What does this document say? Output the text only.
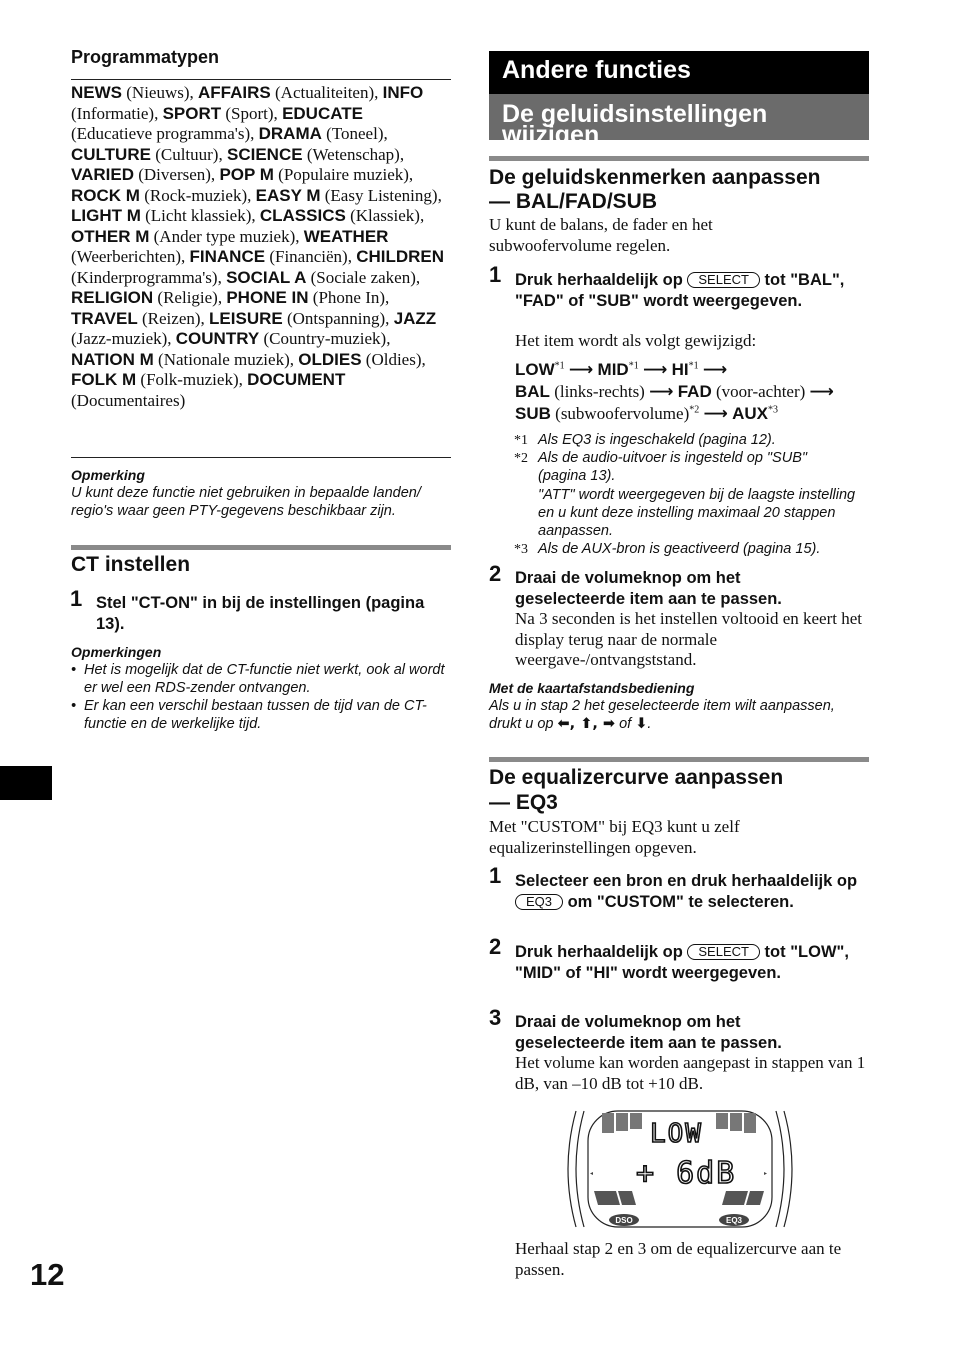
Programmatypen
NEWS (Nieuws), AFFAIRS (Actualiteiten), INFO (Informatie), SPORT (Sport), EDUCATE (Educatieve programma's), DRAMA (Toneel), CULTURE (Cultuur), SCIENCE (Wetenschap), VARIED (Diversen), POP M (Populaire muziek), ROCK M (Rock-muziek), EASY M (Easy Listening), LIGHT M (Licht klassiek), CLASSICS (Klassiek), OTHER M (Ander type muziek), WEATHER (Weerberichten), FINANCE (Financiën), CHILDREN (Kinderprogramma's), SOCIAL A (Sociale zaken), RELIGION (Religie), PHONE IN (Phone In), TRAVEL (Reizen), LEISURE (Ontspanning), JAZZ (Jazz-muziek), COUNTRY (Country-muziek), NATION M (Nationale muziek), OLDIES (Oldies), FOLK M (Folk-muziek), DOCUMENT (Documentaires)
Opmerking
U kunt deze functie niet gebruiken in bepaalde landen/ regio's waar geen PTY-gegevens beschikbaar zijn.
CT instellen
1 Stel "CT-ON" in bij de instellingen (pagina 13).
Opmerkingen
• Het is mogelijk dat de CT-functie niet werkt, ook al wordt er wel een RDS-zender ontvangen.
• Er kan een verschil bestaan tussen de tijd van de CT-functie en de werkelijke tijd.
12
Andere functies
De geluidsinstellingen wijzigen
De geluidskenmerken aanpassen
— BAL/FAD/SUB
U kunt de balans, de fader en het subwoofervolume regelen.
1 Druk herhaaldelijk op SELECT tot "BAL", "FAD" of "SUB" wordt weergegeven.
Het item wordt als volgt gewijzigd:
LOW$^{*1}$ ⟶ MID$^{*1}$ ⟶ HI$^{*1}$ ⟶
BAL (links-rechts) ⟶ FAD (voor-achter) ⟶
SUB (subwoofervolume)$^{*2}$ ⟶ AUX$^{*3}$
*1 Als EQ3 is ingeschakeld (pagina 12).
*2 Als de audio-uitvoer is ingesteld op "SUB" (pagina 13).
"ATT" wordt weergegeven bij de laagste instelling en u kunt deze instelling maximaal 20 stappen aanpassen.
*3 Als de AUX-bron is geactiveerd (pagina 15).
2 Draai de volumeknop om het geselecteerde item aan te passen.
Na 3 seconden is het instellen voltooid en keert het display terug naar de normale weergave-/ontvangststand.
Met de kaartafstandsbediening
Als u in stap 2 het geselecteerde item wilt aanpassen, drukt u op ⬅, ⬆, ➡ of ⬇.
De equalizercurve aanpassen
— EQ3
Met "CUSTOM" bij EQ3 kunt u zelf equalizerinstellingen opgeven.
1 Selecteer een bron en druk herhaaldelijk op EQ3 om "CUSTOM" te selecteren.
2 Druk herhaaldelijk op SELECT tot "LOW", "MID" of "HI" wordt weergegeven.
3 Draai de volumeknop om het geselecteerde item aan te passen.
Het volume kan worden aangepast in stappen van 1 dB, van –10 dB tot +10 dB.
Herhaal stap 2 en 3 om de equalizercurve aan te passen.
◂	▸
LOW
+ 6dB
DSO	EQ3
